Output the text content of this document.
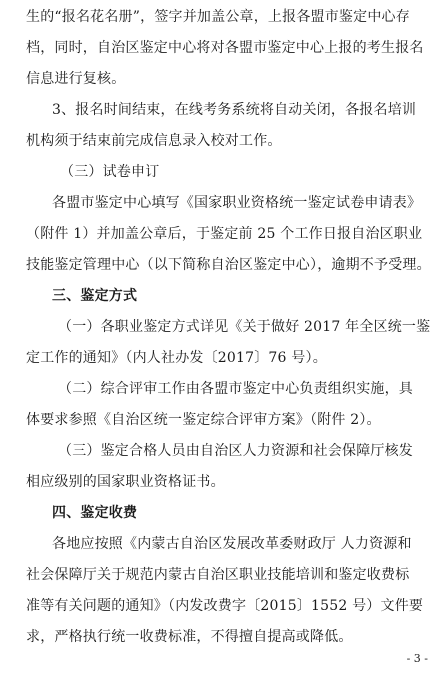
生的“报名花名册”，签字并加盖公章，上报各盟市鉴定中心存
档，同时，自治区鉴定中心将对各盟市鉴定中心上报的考生报名
信息进行复核。
3、报名时间结束，在线考务系统将自动关闭，各报名培训
机构须于结束前完成信息录入校对工作。
（三）试卷申订
各盟市鉴定中心填写《国家职业资格统一鉴定试卷申请表》
（附件 1）并加盖公章后，于鉴定前 25 个工作日报自治区职业
技能鉴定管理中心（以下简称自治区鉴定中心），逾期不予受理。
三、鉴定方式
（一）各职业鉴定方式详见《关于做好 2017 年全区统一鉴
定工作的通知》（内人社办发〔2017〕76 号）。
（二）综合评审工作由各盟市鉴定中心负责组织实施，具
体要求参照《自治区统一鉴定综合评审方案》（附件 2）。
（三）鉴定合格人员由自治区人力资源和社会保障厅核发
相应级别的国家职业资格证书。
四、鉴定收费
各地应按照《内蒙古自治区发展改革委财政厅 人力资源和
社会保障厅关于规范内蒙古自治区职业技能培训和鉴定收费标
准等有关问题的通知》（内发改费字〔2015〕1552 号）文件要
求，严格执行统一收费标准，不得擅自提高或降低。
- 3 -
